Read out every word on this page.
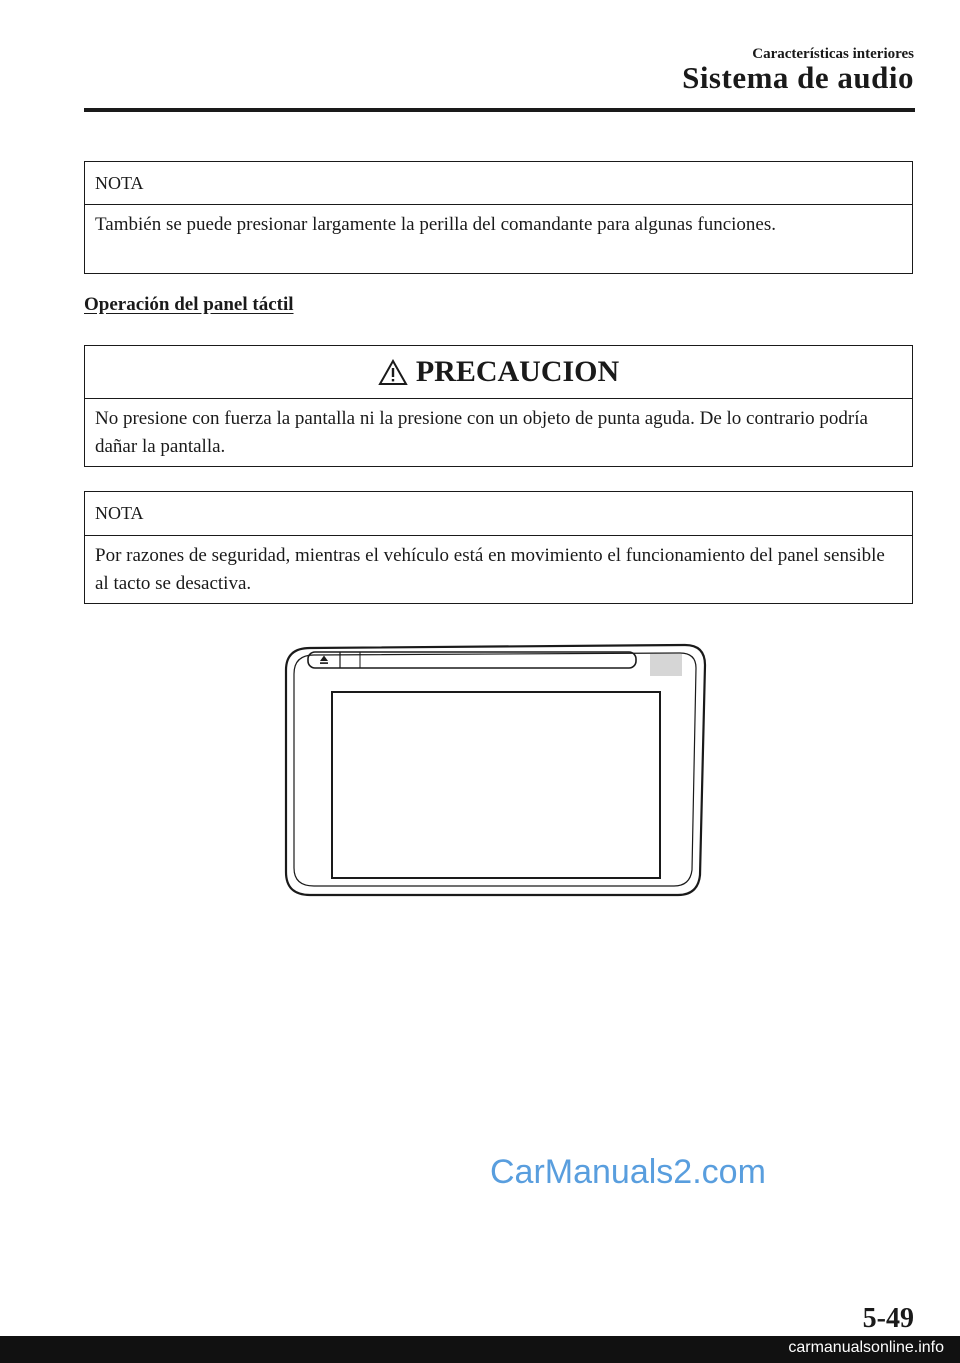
Características interiores
Sistema de audio
NOTA
También se puede presionar largamente la perilla del comandante para algunas funciones.
Operación del panel táctil
PRECAUCION
No presione con fuerza la pantalla ni la presione con un objeto de punta aguda. De lo contrario podría dañar la pantalla.
NOTA
Por razones de seguridad, mientras el vehículo está en movimiento el funcionamiento del panel sensible al tacto se desactiva.
CarManuals2.com
5-49
carmanualsonline.info
